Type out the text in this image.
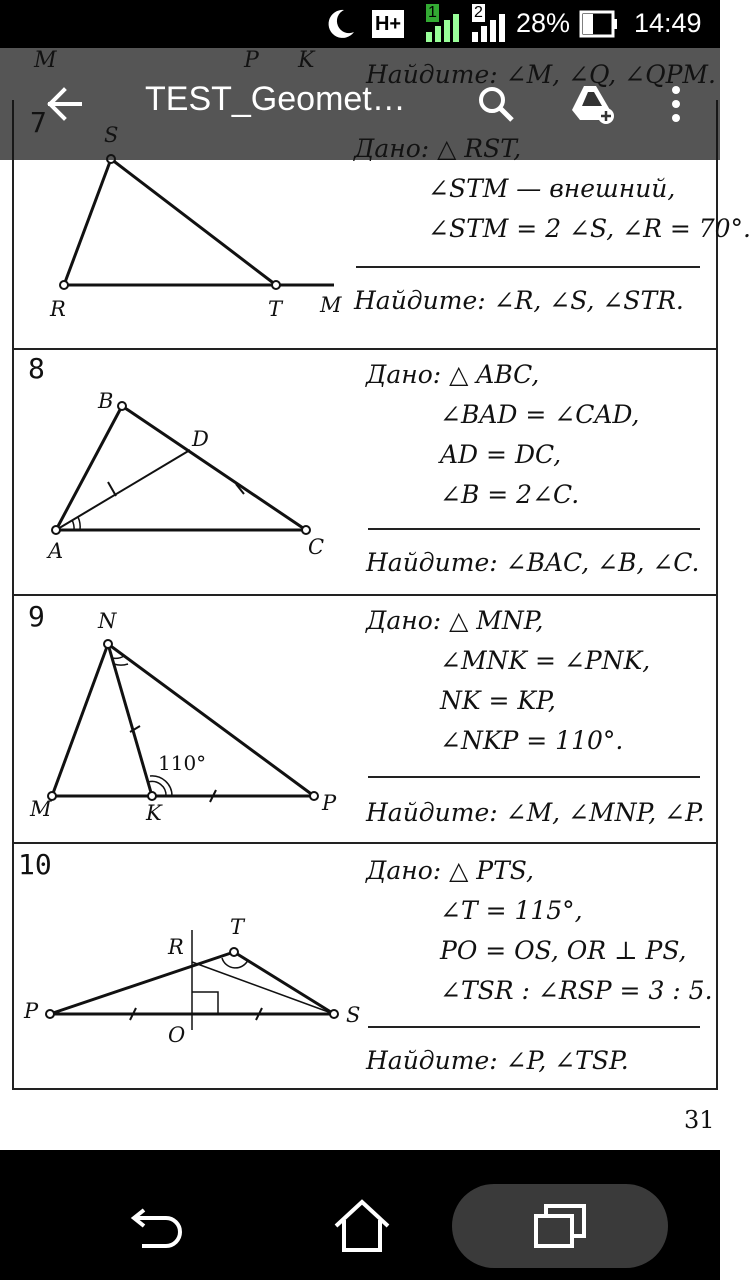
H+
1 2 28% 14:49
R	T M
∠STM — внешний,
∠STM = 2 ∠S, ∠R = 70°.
Найдите: ∠R, ∠S, ∠STR.
8
B
D
A	C
Дано: △ ABC,
∠BAD = ∠CAD,
AD = DC,
∠B = 2∠C.
Найдите: ∠BAC, ∠B, ∠C.
9	N
M	K	P
110°
Дано: △ MNP,
∠MNK = ∠PNK,
NK = KP,
∠NKP = 110°.
Найдите: ∠M, ∠MNP, ∠P.
10
T
R
P
O
S
Дано: △ PTS,
∠T = 115°,
PO = OS, OR ⊥ PS,
∠TSR : ∠RSP = 3 : 5.
Найдите: ∠P, ∠TSP.
31
TEST_Geomet…
